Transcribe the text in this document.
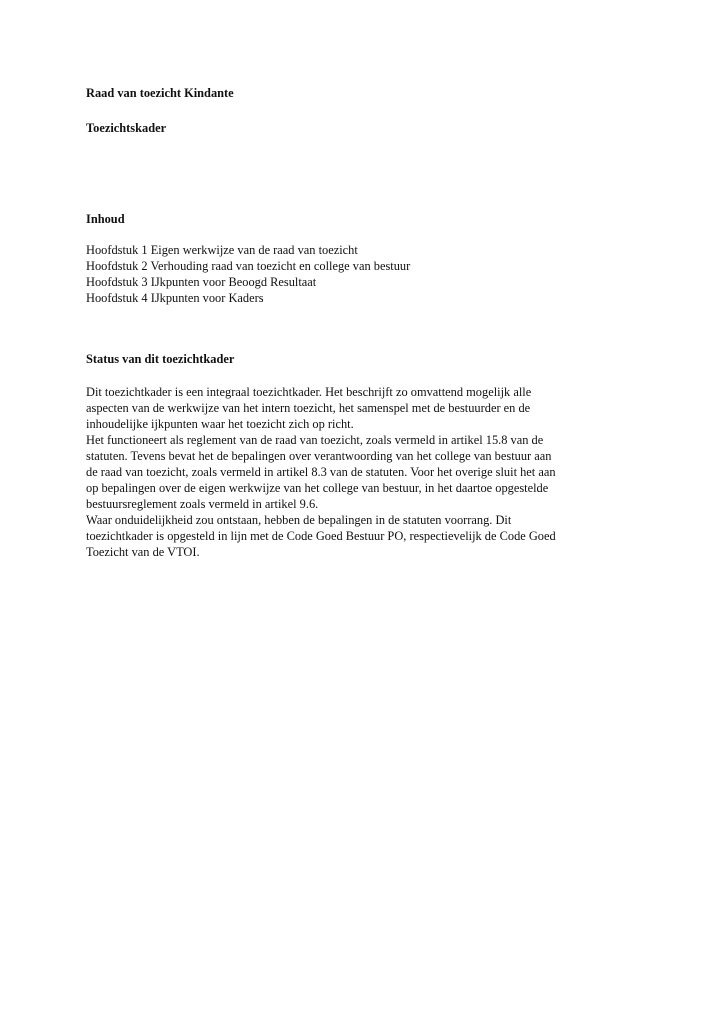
Raad van toezicht Kindante

Toezichtskader

Inhoud

Hoofdstuk 1 Eigen werkwijze van de raad van toezicht

Hoofdstuk 2 Verhouding raad van toezicht en college van bestuur

Hoofdstuk 3 IJkpunten voor Beoogd Resultaat

Hoofdstuk 4 IJkpunten voor Kaders

Status van dit toezichtkader

Dit toezichtkader is een integraal toezichtkader. Het beschrijft zo omvattend mogelijk alle

aspecten van de werkwijze van het intern toezicht, het samenspel met de bestuurder en de

inhoudelijke ijkpunten waar het toezicht zich op richt.

Het functioneert als reglement van de raad van toezicht, zoals vermeld in artikel 15.8 van de

statuten. Tevens bevat het de bepalingen over verantwoording van het college van bestuur aan

de raad van toezicht, zoals vermeld in artikel 8.3 van de statuten. Voor het overige sluit het aan

op bepalingen over de eigen werkwijze van het college van bestuur, in het daartoe opgestelde

bestuursreglement zoals vermeld in artikel 9.6.

Waar onduidelijkheid zou ontstaan, hebben de bepalingen in de statuten voorrang. Dit

toezichtkader is opgesteld in lijn met de Code Goed Bestuur PO, respectievelijk de Code Goed

Toezicht van de VTOI.
